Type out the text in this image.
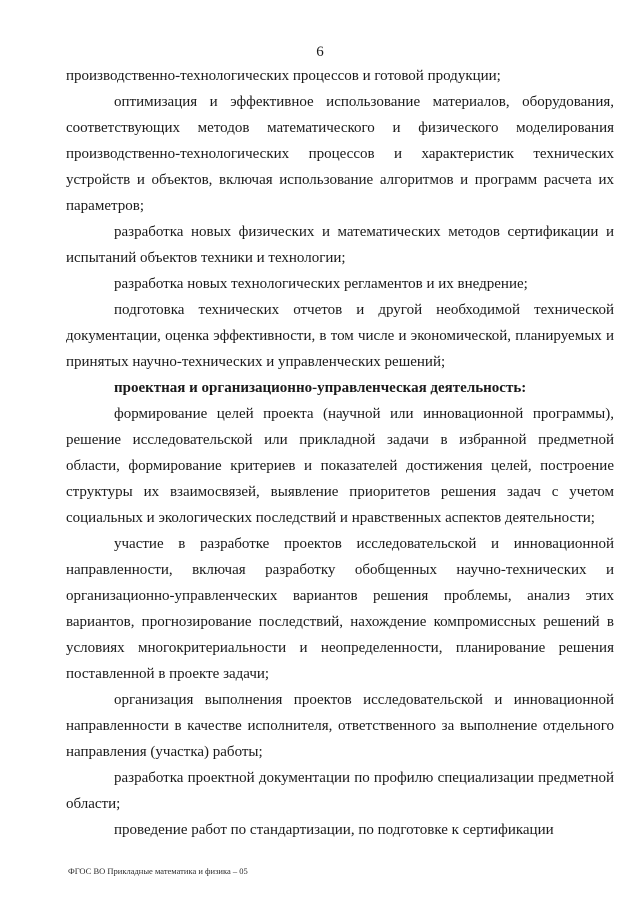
6

производственно-технологических процессов и готовой продукции;

оптимизация и эффективное использование материалов, оборудования, соответствующих методов математического и физического моделирования производственно-технологических процессов и характеристик технических устройств и объектов, включая использование алгоритмов и программ расчета их параметров;

разработка новых физических и математических методов сертификации и испытаний объектов техники и технологии;

разработка новых технологических регламентов и их внедрение;

подготовка технических отчетов и другой необходимой технической документации, оценка эффективности, в том числе и экономической, планируемых и принятых научно-технических и управленческих решений;

проектная и организационно-управленческая деятельность:

формирование целей проекта (научной или инновационной программы), решение исследовательской или прикладной задачи в избранной предметной области, формирование критериев и показателей достижения целей, построение структуры их взаимосвязей, выявление приоритетов решения задач с учетом социальных и экологических последствий и нравственных аспектов деятельности;

участие в разработке проектов исследовательской и инновационной направленности, включая разработку обобщенных научно-технических и организационно-управленческих вариантов решения проблемы, анализ этих вариантов, прогнозирование последствий, нахождение компромиссных решений в условиях многокритериальности и неопределенности, планирование решения поставленной в проекте задачи;

организация выполнения проектов исследовательской и инновационной направленности в качестве исполнителя, ответственного за выполнение отдельного направления (участка) работы;

разработка проектной документации по профилю специализации предметной области;

проведение работ по стандартизации, по подготовке к сертификации

ФГОС ВО Прикладные математика и физика – 05
